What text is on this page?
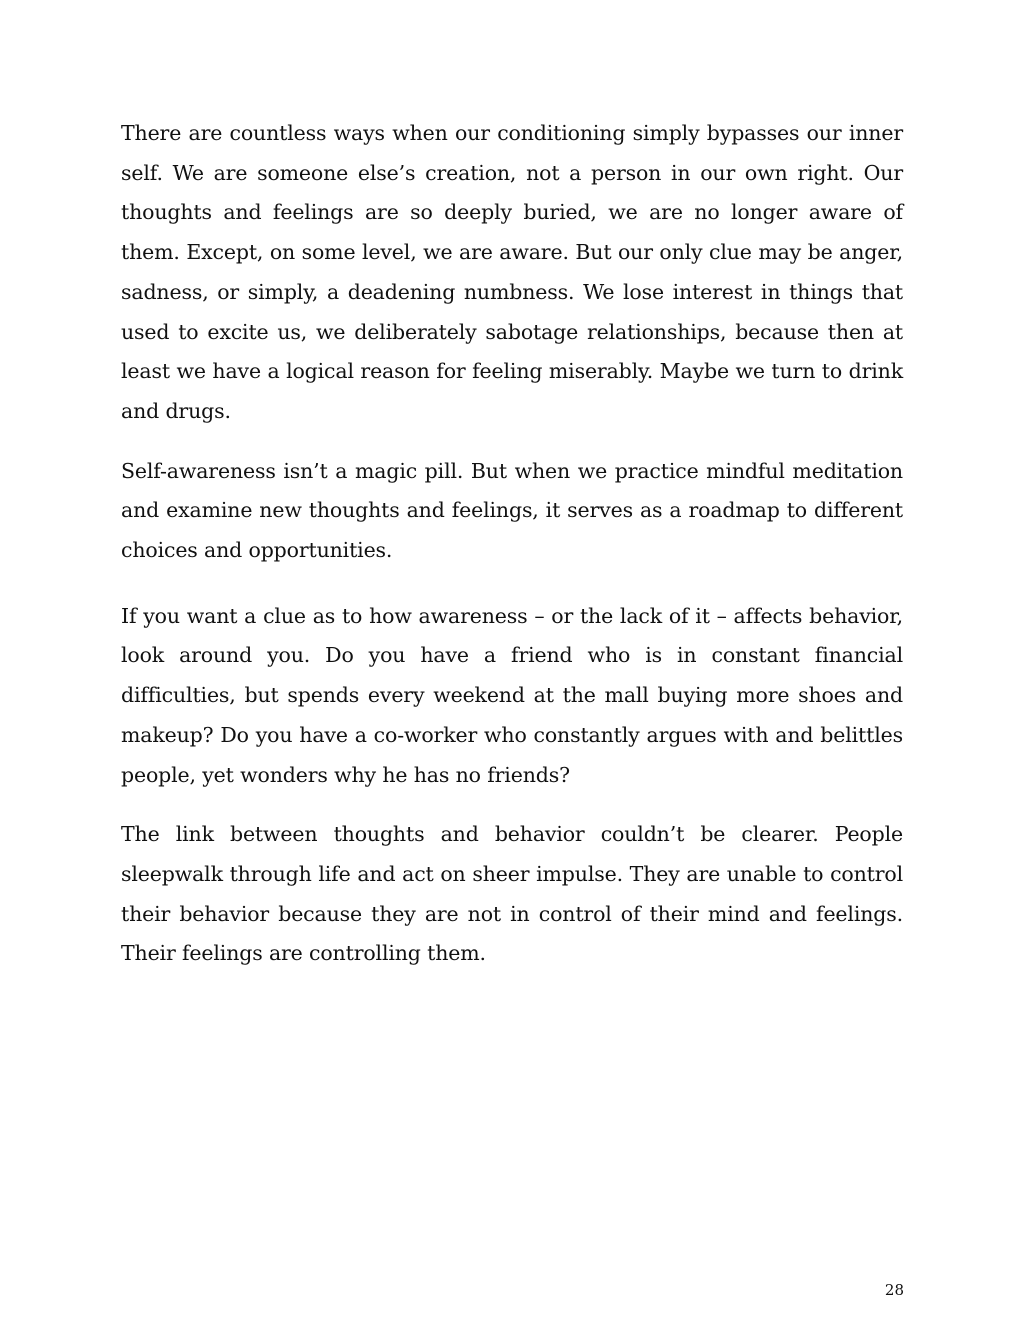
There are countless ways when our conditioning simply bypasses our inner self. We are someone else’s creation, not a person in our own right. Our thoughts and feelings are so deeply buried, we are no longer aware of them. Except, on some level, we are aware. But our only clue may be anger, sadness, or simply, a deadening numbness. We lose interest in things that used to excite us, we deliberately sabotage relationships, because then at least we have a logical reason for feeling miserably. Maybe we turn to drink and drugs.

Self-awareness isn’t a magic pill. But when we practice mindful meditation and examine new thoughts and feelings, it serves as a roadmap to different choices and opportunities.

If you want a clue as to how awareness – or the lack of it – affects behavior, look around you. Do you have a friend who is in constant financial difficulties, but spends every weekend at the mall buying more shoes and makeup? Do you have a co-worker who constantly argues with and belittles people, yet wonders why he has no friends?

The link between thoughts and behavior couldn’t be clearer. People sleepwalk through life and act on sheer impulse. They are unable to control their behavior because they are not in control of their mind and feelings. Their feelings are controlling them.

28
